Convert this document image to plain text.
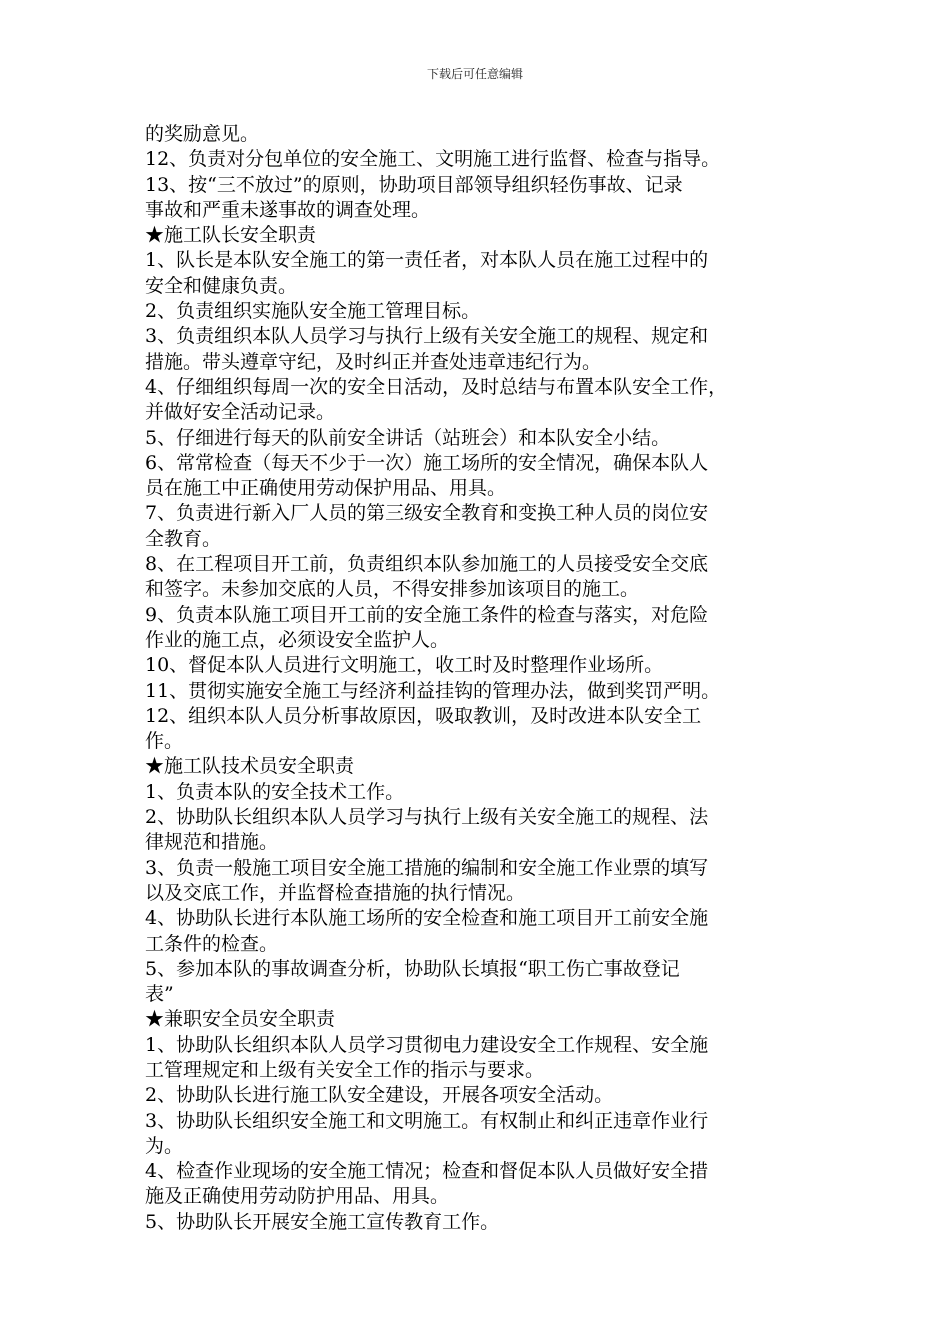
下载后可任意编辑
的奖励意见。
12、负责对分包单位的安全施工、文明施工进行监督、检查与指导。
13、按“三不放过”的原则，协助项目部领导组织轻伤事故、记录
事故和严重未遂事故的调查处理。
★施工队长安全职责
1、队长是本队安全施工的第一责任者，对本队人员在施工过程中的
安全和健康负责。
2、负责组织实施队安全施工管理目标。
3、负责组织本队人员学习与执行上级有关安全施工的规程、规定和
措施。带头遵章守纪，及时纠正并查处违章违纪行为。
4、仔细组织每周一次的安全日活动，及时总结与布置本队安全工作，
并做好安全活动记录。
5、仔细进行每天的队前安全讲话（站班会）和本队安全小结。
6、常常检查（每天不少于一次）施工场所的安全情况，确保本队人
员在施工中正确使用劳动保护用品、用具。
7、负责进行新入厂人员的第三级安全教育和变换工种人员的岗位安
全教育。
8、在工程项目开工前，负责组织本队参加施工的人员接受安全交底
和签字。未参加交底的人员，不得安排参加该项目的施工。
9、负责本队施工项目开工前的安全施工条件的检查与落实，对危险
作业的施工点，必须设安全监护人。
10、督促本队人员进行文明施工，收工时及时整理作业场所。
11、贯彻实施安全施工与经济利益挂钩的管理办法，做到奖罚严明。
12、组织本队人员分析事故原因，吸取教训，及时改进本队安全工
作。
★施工队技术员安全职责
1、负责本队的安全技术工作。
2、协助队长组织本队人员学习与执行上级有关安全施工的规程、法
律规范和措施。
3、负责一般施工项目安全施工措施的编制和安全施工作业票的填写
以及交底工作，并监督检查措施的执行情况。
4、协助队长进行本队施工场所的安全检查和施工项目开工前安全施
工条件的检查。
5、参加本队的事故调查分析，协助队长填报“职工伤亡事故登记
表”
★兼职安全员安全职责
1、协助队长组织本队人员学习贯彻电力建设安全工作规程、安全施
工管理规定和上级有关安全工作的指示与要求。
2、协助队长进行施工队安全建设，开展各项安全活动。
3、协助队长组织安全施工和文明施工。有权制止和纠正违章作业行
为。
4、检查作业现场的安全施工情况；检查和督促本队人员做好安全措
施及正确使用劳动防护用品、用具。
5、协助队长开展安全施工宣传教育工作。
